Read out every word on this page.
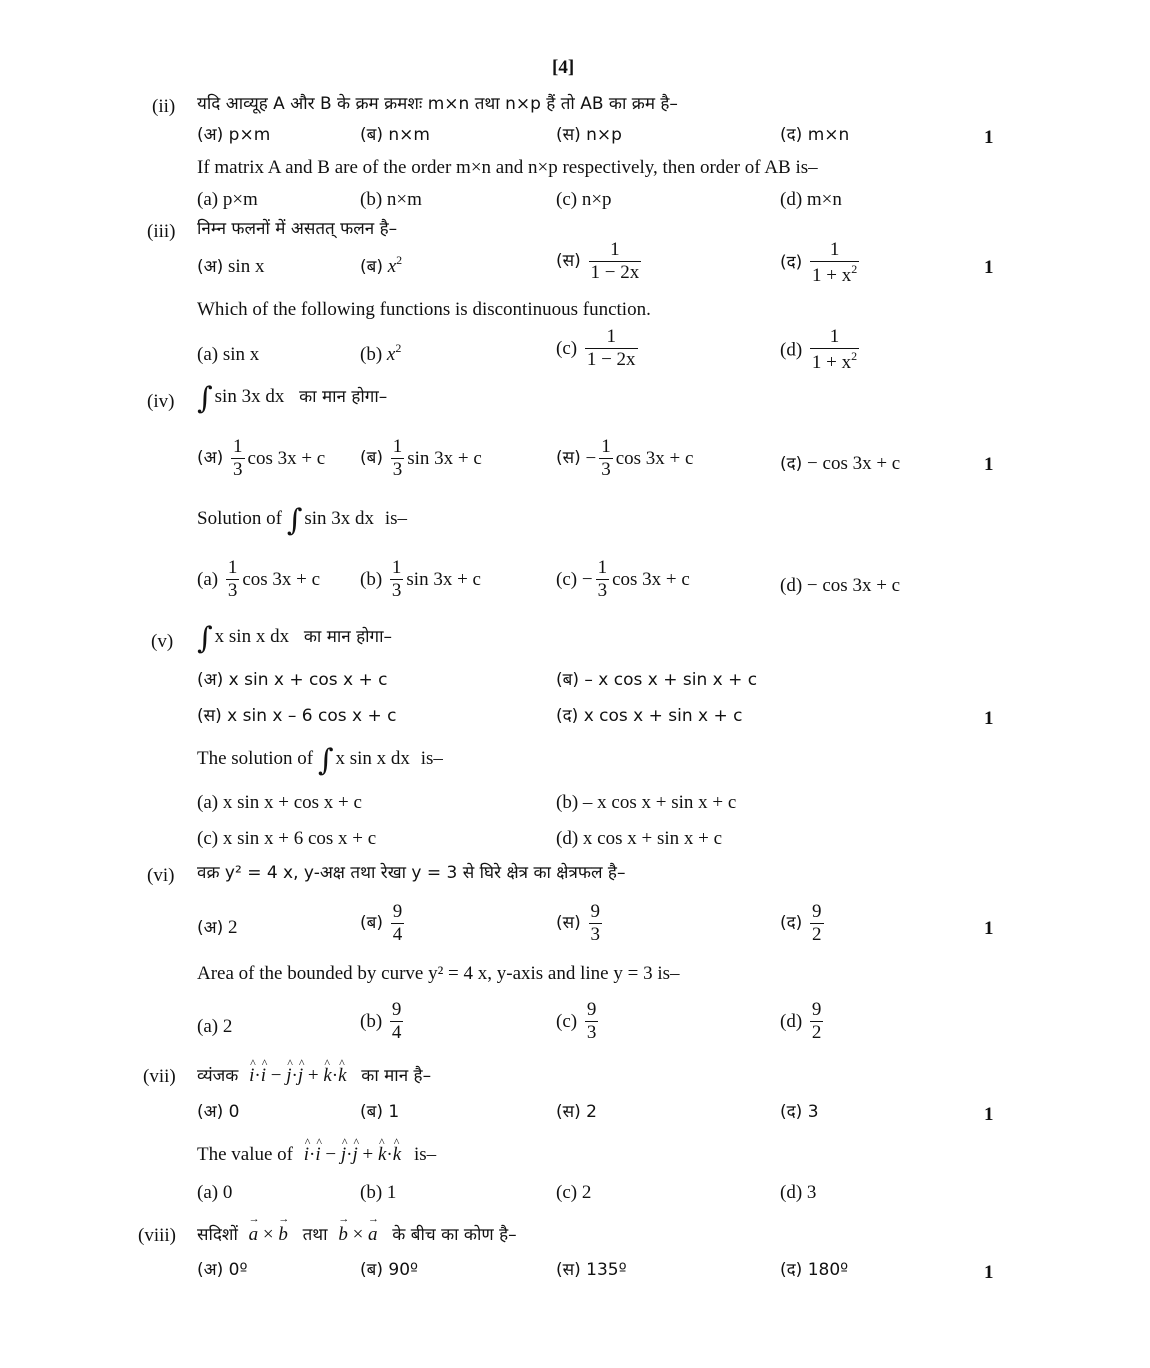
[4]
(ii) यदि आव्यूह A और B के क्रम क्रमशः m×n तथा n×p हैं तो AB का क्रम है–
(अ) p×m	(ब) n×m	(स) n×p	(द) m×n	1
If matrix A and B are of the order m×n and n×p respectively, then order of AB is–
(a) p×m	(b) n×m	(c) n×p	(d) m×n
(iii) निम्न फलनों में असतत् फलन है–
(अ) sin x	(ब) $x^2$	(स) $\frac{1}{1 - 2x}$	(द) $\frac{1}{1 + x^2}$	1
Which of the following functions is discontinuous function.
(a) sin x	(b) $x^2$	$(c) \frac{1}{1 - 2x}$	$(d) \frac{1}{1 + x^2}$
(iv) ∫ sin 3x dx का मान होगा–
(अ) $\frac{1}{3}$ cos 3x + c (ब) $\frac{1}{3}$ sin 3x + c	(स) − $\frac{1}{3}$ cos 3x + c	(द) − cos 3x + c	1
Solution of ∫ sin 3x dx is–
$(a) \frac{1}{3}$ cos 3x + c $(b) \frac{1}{3}$ sin 3x + c	$(c) - \frac{1}{3}$ cos 3x + c	(d) − cos 3x + c
(v) ∫ x sin x dx का मान होगा–
(अ) x sin x + cos x + c	(ब) – x cos x + sin x + c
(स) x sin x – 6 cos x + c	(द) x cos x + sin x + c	1
The solution of ∫ x sin x dx is–
(a) x sin x + cos x + c	(b) – x cos x + sin x + c
(c) x sin x + 6 cos x + c	(d) x cos x + sin x + c
(vi) वक्र y² = 4 x, y-अक्ष तथा रेखा y = 3 से घिरे क्षेत्र का क्षेत्रफल है–
(अ) 2	(ब) $\frac{9}{4}$	(स) $\frac{9}{3}$	(द) $\frac{9}{2}$	1
Area of the bounded by curve y² = 4 x, y-axis and line y = 3 is–
(a) 2	$(b) \frac{9}{4}$	$(c) \frac{9}{3}$	$(d) \frac{9}{2}$
(vii) व्यंजक ^ i·^ i − ^ j·^ j + ^ k·^ k का मान है–
(अ) 0	(ब) 1	(स) 2	(द) 3	1
The value of ^ i·^ i − ^ j·^ j + ^ k·^ k is–
(a) 0	(b) 1	(c) 2	(d) 3
(viii) सदिशों → a × → b तथा → b × → a के बीच का कोण है–
(अ) 0º	(ब) 90º	(स) 135º	(द) 180º	1
